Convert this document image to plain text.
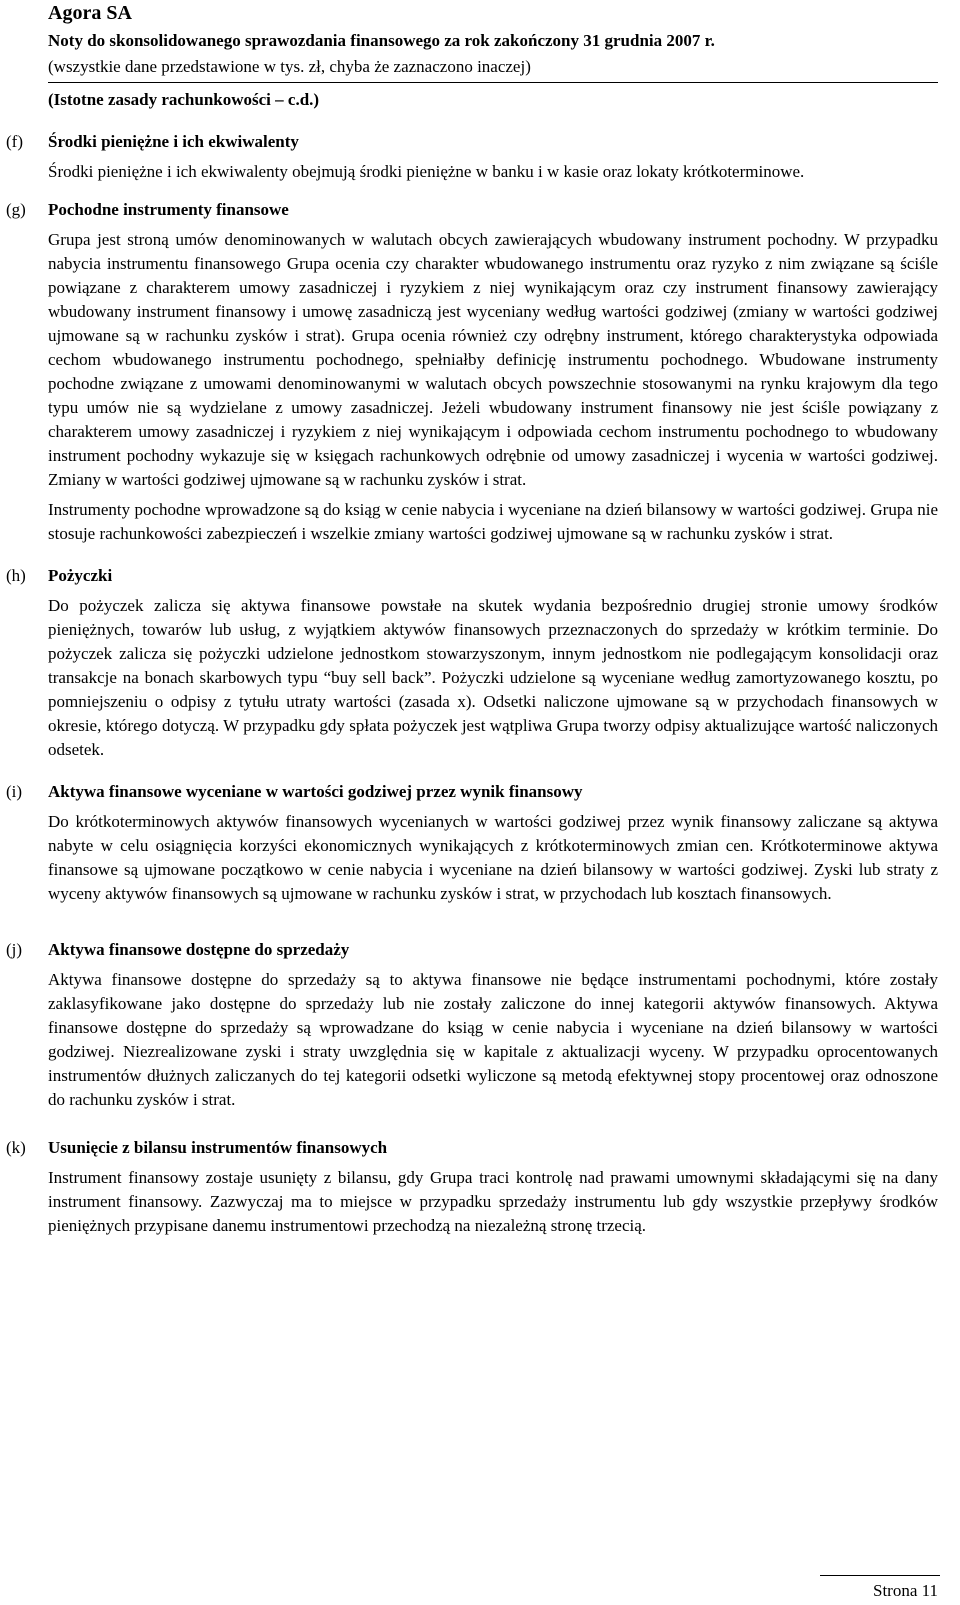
Agora SA
Noty do skonsolidowanego sprawozdania finansowego za rok zakończony 31 grudnia 2007 r.
(wszystkie dane przedstawione w tys. zł, chyba że zaznaczono inaczej)
(Istotne zasady rachunkowości – c.d.)
(f) Środki pieniężne i ich ekwiwalenty

Środki pieniężne i ich ekwiwalenty obejmują środki pieniężne w banku i w kasie oraz lokaty krótkoterminowe.

(g) Pochodne instrumenty finansowe

Grupa jest stroną umów denominowanych w walutach obcych zawierających wbudowany instrument pochodny. W przypadku nabycia instrumentu finansowego Grupa ocenia czy charakter wbudowanego instrumentu oraz ryzyko z nim związane są ściśle powiązane z charakterem umowy zasadniczej i ryzykiem z niej wynikającym oraz czy instrument finansowy zawierający wbudowany instrument finansowy i umowę zasadniczą jest wyceniany według wartości godziwej (zmiany w wartości godziwej ujmowane są w rachunku zysków i strat). Grupa ocenia również czy odrębny instrument, którego charakterystyka odpowiada cechom wbudowanego instrumentu pochodnego, spełniałby definicję instrumentu pochodnego. Wbudowane instrumenty pochodne związane z umowami denominowanymi w walutach obcych powszechnie stosowanymi na rynku krajowym dla tego typu umów nie są wydzielane z umowy zasadniczej. Jeżeli wbudowany instrument finansowy nie jest ściśle powiązany z charakterem umowy zasadniczej i ryzykiem z niej wynikającym i odpowiada cechom instrumentu pochodnego to wbudowany instrument pochodny wykazuje się w księgach rachunkowych odrębnie od umowy zasadniczej i wycenia w wartości godziwej. Zmiany w wartości godziwej ujmowane są w rachunku zysków i strat.

Instrumenty pochodne wprowadzone są do ksiąg w cenie nabycia i wyceniane na dzień bilansowy w wartości godziwej. Grupa nie stosuje rachunkowości zabezpieczeń i wszelkie zmiany wartości godziwej ujmowane są w rachunku zysków i strat.

(h) Pożyczki

Do pożyczek zalicza się aktywa finansowe powstałe na skutek wydania bezpośrednio drugiej stronie umowy środków pieniężnych, towarów lub usług, z wyjątkiem aktywów finansowych przeznaczonych do sprzedaży w krótkim terminie. Do pożyczek zalicza się pożyczki udzielone jednostkom stowarzyszonym, innym jednostkom nie podlegającym konsolidacji oraz transakcje na bonach skarbowych typu “buy sell back”. Pożyczki udzielone są wyceniane według zamortyzowanego kosztu, po pomniejszeniu o odpisy z tytułu utraty wartości (zasada x). Odsetki naliczone ujmowane są w przychodach finansowych w okresie, którego dotyczą. W przypadku gdy spłata pożyczek jest wątpliwa Grupa tworzy odpisy aktualizujące wartość naliczonych odsetek.

(i) Aktywa finansowe wyceniane w wartości godziwej przez wynik finansowy

Do krótkoterminowych aktywów finansowych wycenianych w wartości godziwej przez wynik finansowy zaliczane są aktywa nabyte w celu osiągnięcia korzyści ekonomicznych wynikających z krótkoterminowych zmian cen. Krótkoterminowe aktywa finansowe są ujmowane początkowo w cenie nabycia i wyceniane na dzień bilansowy w wartości godziwej. Zyski lub straty z wyceny aktywów finansowych są ujmowane w rachunku zysków i strat, w przychodach lub kosztach finansowych.

(j) Aktywa finansowe dostępne do sprzedaży

Aktywa finansowe dostępne do sprzedaży są to aktywa finansowe nie będące instrumentami pochodnymi, które zostały zaklasyfikowane jako dostępne do sprzedaży lub nie zostały zaliczone do innej kategorii aktywów finansowych. Aktywa finansowe dostępne do sprzedaży są wprowadzane do ksiąg w cenie nabycia i wyceniane na dzień bilansowy w wartości godziwej. Niezrealizowane zyski i straty uwzględnia się w kapitale z aktualizacji wyceny. W przypadku oprocentowanych instrumentów dłużnych zaliczanych do tej kategorii odsetki wyliczone są metodą efektywnej stopy procentowej oraz odnoszone do rachunku zysków i strat.

(k) Usunięcie z bilansu instrumentów finansowych

Instrument finansowy zostaje usunięty z bilansu, gdy Grupa traci kontrolę nad prawami umownymi składającymi się na dany instrument finansowy. Zazwyczaj ma to miejsce w przypadku sprzedaży instrumentu lub gdy wszystkie przepływy środków pieniężnych przypisane danemu instrumentowi przechodzą na niezależną stronę trzecią.

Strona 11
